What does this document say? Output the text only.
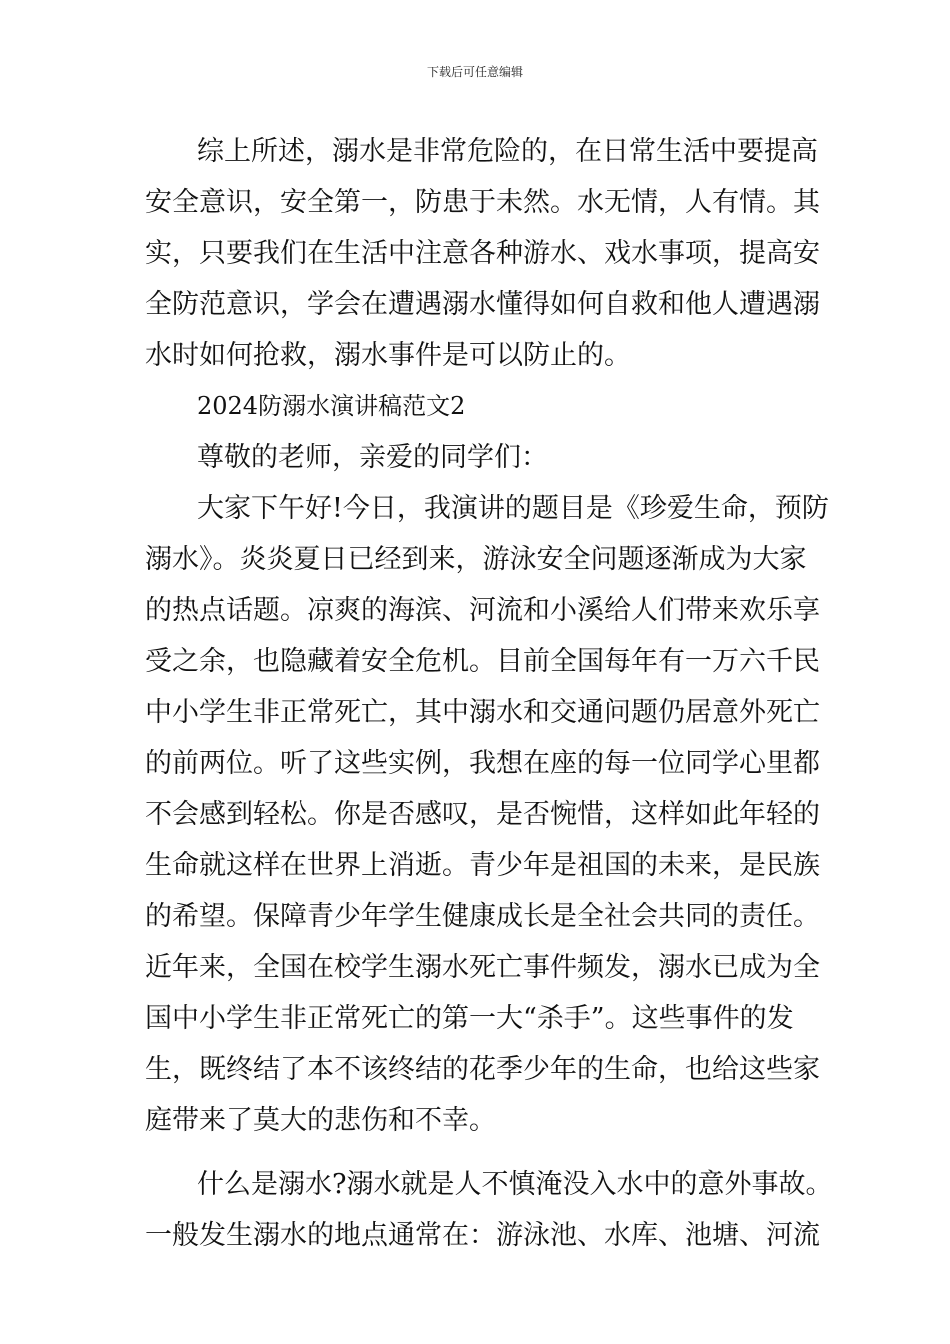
下载后可任意编辑
综上所述，溺水是非常危险的，在日常生活中要提高
安全意识，安全第一，防患于未然。水无情，人有情。其
实，只要我们在生活中注意各种游水、戏水事项，提高安
全防范意识，学会在遭遇溺水懂得如何自救和他人遭遇溺
水时如何抢救，溺水事件是可以防止的。
2024防溺水演讲稿范文2
尊敬的老师，亲爱的同学们：
大家下午好!今日，我演讲的题目是《珍爱生命，预防
溺水》。炎炎夏日已经到来，游泳安全问题逐渐成为大家
的热点话题。凉爽的海滨、河流和小溪给人们带来欢乐享
受之余，也隐藏着安全危机。目前全国每年有一万六千民
中小学生非正常死亡，其中溺水和交通问题仍居意外死亡
的前两位。听了这些实例，我想在座的每一位同学心里都
不会感到轻松。你是否感叹，是否惋惜，这样如此年轻的
生命就这样在世界上消逝。青少年是祖国的未来，是民族
的希望。保障青少年学生健康成长是全社会共同的责任。
近年来，全国在校学生溺水死亡事件频发，溺水已成为全
国中小学生非正常死亡的第一大“杀手”。这些事件的发
生，既终结了本不该终结的花季少年的生命，也给这些家
庭带来了莫大的悲伤和不幸。
什么是溺水?溺水就是人不慎淹没入水中的意外事故。
一般发生溺水的地点通常在：游泳池、水库、池塘、河流
